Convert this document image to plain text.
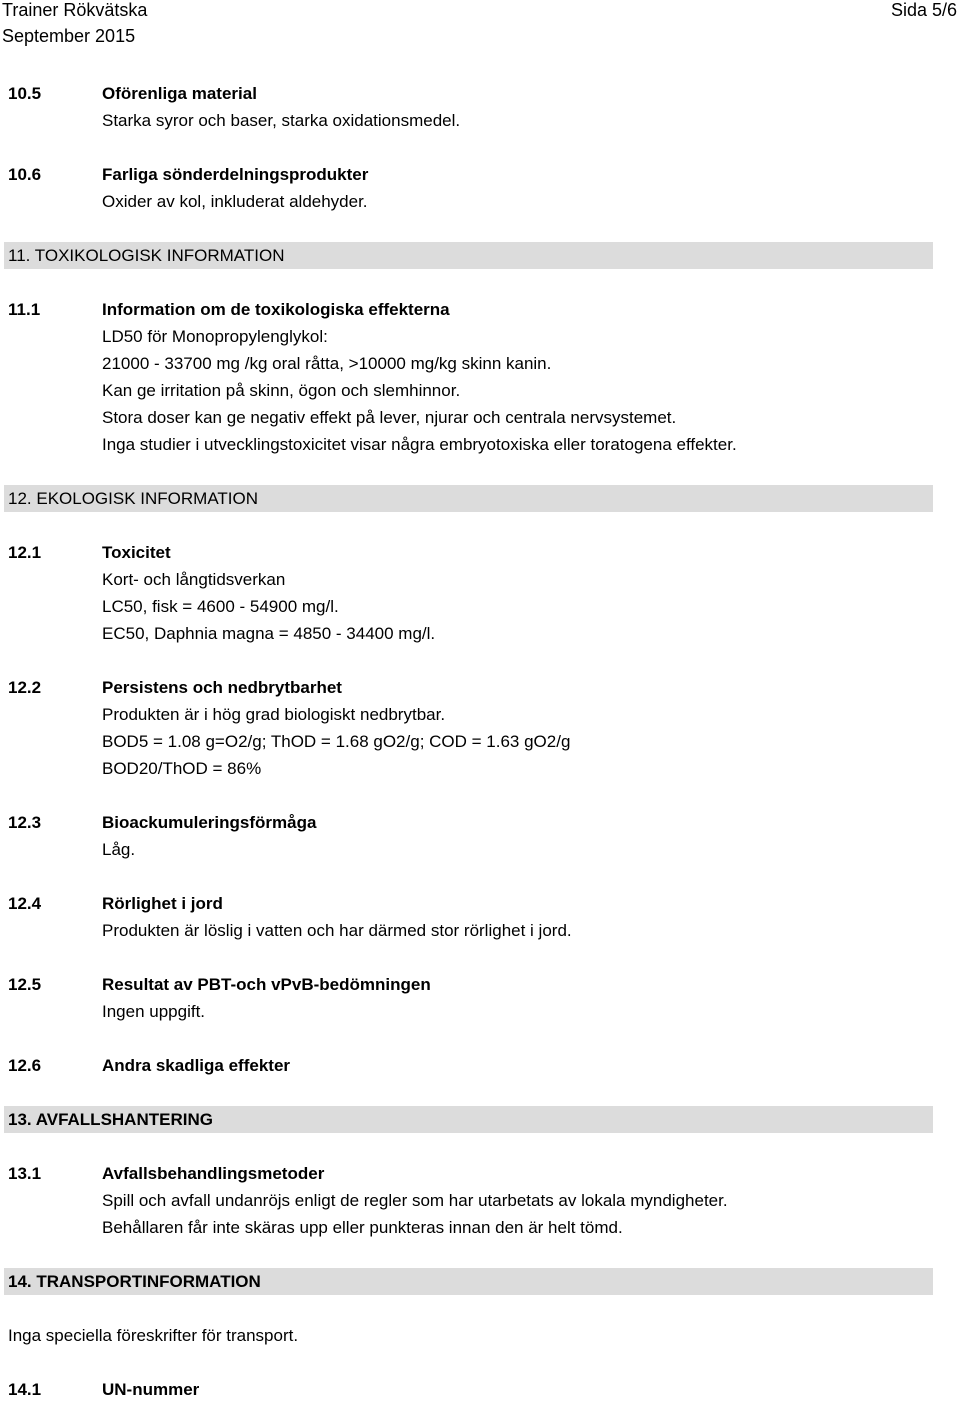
Trainer Rökvätska
September 2015
Sida 5/6
10.5	Oförenliga material
Starka syror och baser, starka oxidationsmedel.
10.6	Farliga sönderdelningsprodukter
Oxider av kol, inkluderat aldehyder.
11. TOXIKOLOGISK INFORMATION
11.1	Information om de toxikologiska effekterna
LD50 för Monopropylenglykol:
21000 - 33700 mg /kg oral råtta, >10000 mg/kg skinn kanin.
Kan ge irritation på skinn, ögon och slemhinnor.
Stora doser kan ge negativ effekt på lever, njurar och centrala nervsystemet.
Inga studier i utvecklingstoxicitet visar några embryotoxiska eller toratogena effekter.
12. EKOLOGISK INFORMATION
12.1	Toxicitet
Kort- och långtidsverkan
LC50, fisk = 4600 - 54900 mg/l.
EC50, Daphnia magna = 4850 - 34400 mg/l.
12.2	Persistens och nedbrytbarhet
Produkten är i hög grad biologiskt nedbrytbar.
BOD5 = 1.08 g=O2/g; ThOD = 1.68 gO2/g; COD = 1.63 gO2/g
BOD20/ThOD = 86%
12.3	Bioackumuleringsförmåga
Låg.
12.4	Rörlighet i jord
Produkten är löslig i vatten och har därmed stor rörlighet i jord.
12.5	Resultat av PBT-och vPvB-bedömningen
Ingen uppgift.
12.6	Andra skadliga effekter
13. AVFALLSHANTERING
13.1	Avfallsbehandlingsmetoder
Spill och avfall undanröjs enligt de regler som har utarbetats av lokala myndigheter.
Behållaren får inte skäras upp eller punkteras innan den är helt tömd.
14. TRANSPORTINFORMATION
Inga speciella föreskrifter för transport.
14.1	UN-nummer
